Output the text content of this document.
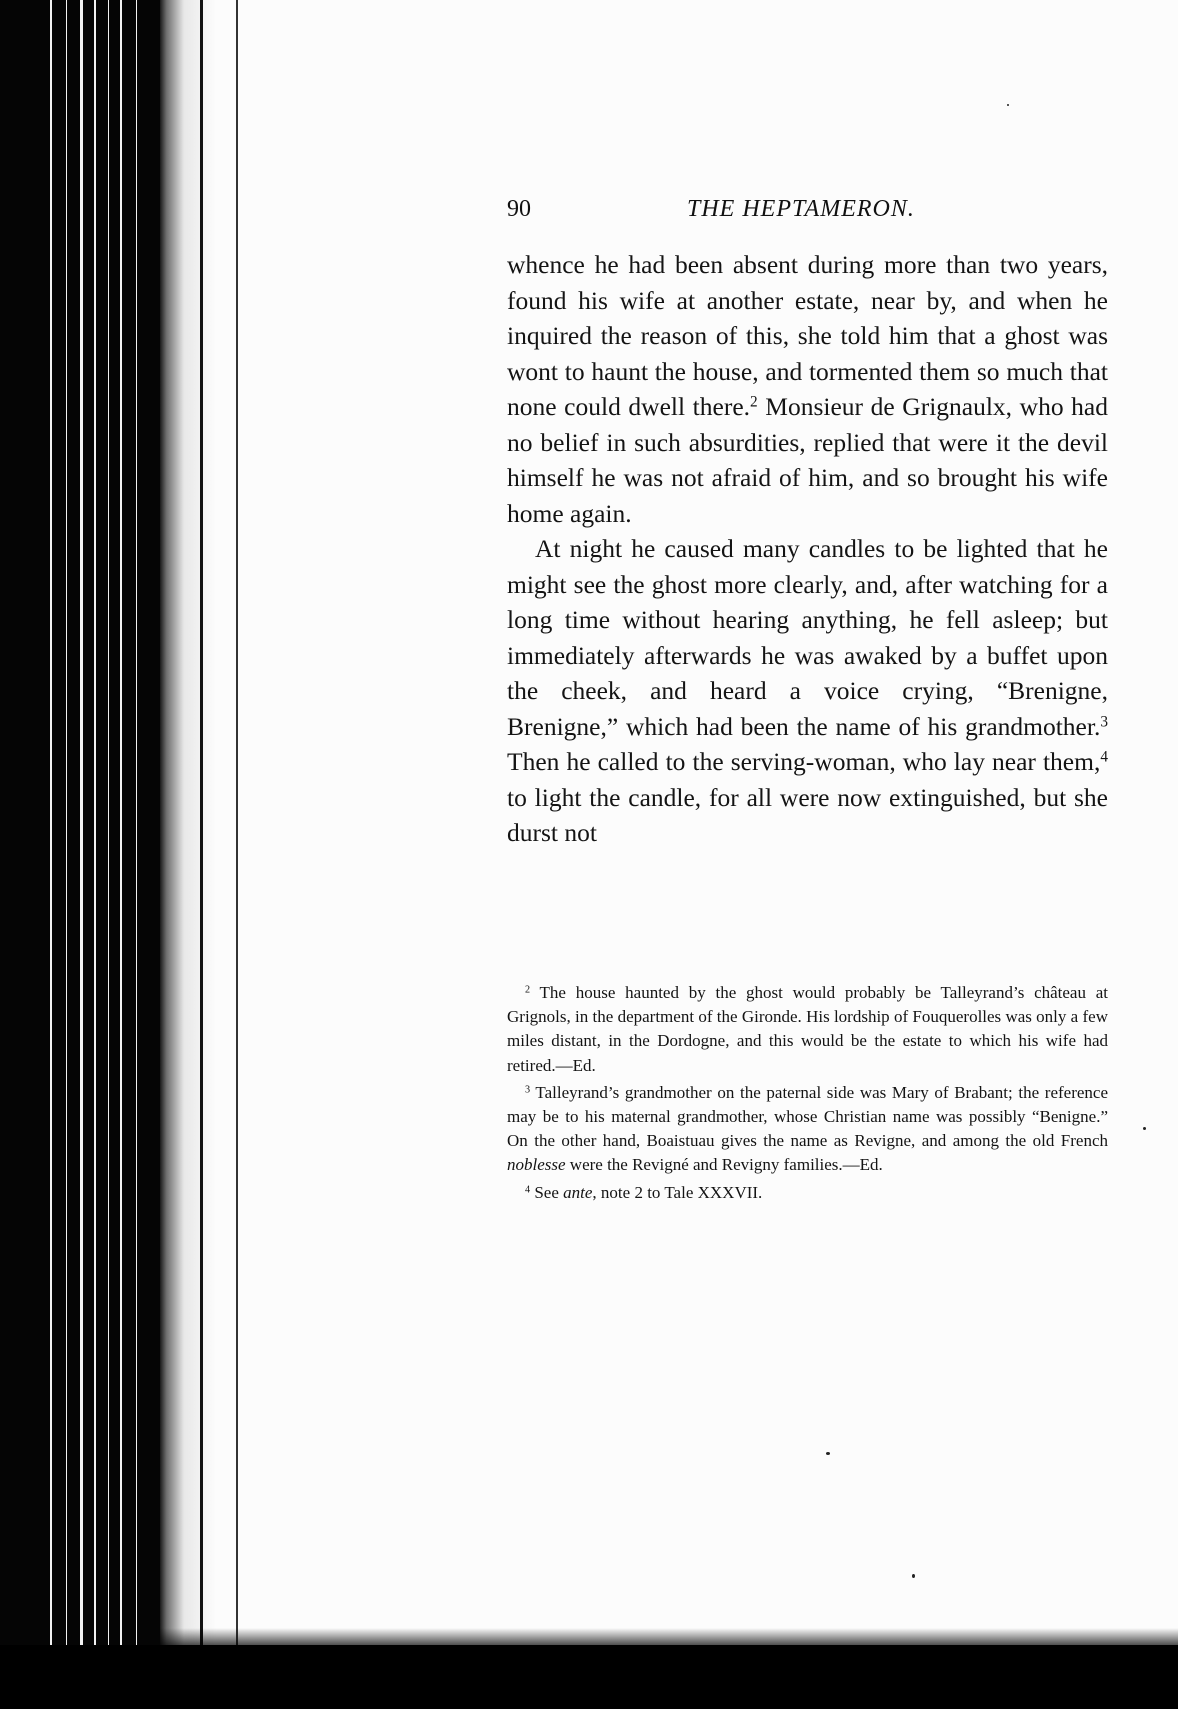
90	THE HEPTAMERON.

whence he had been absent during more than two years, found his wife at another estate, near by, and when he inquired the reason of this, she told him that a ghost was wont to haunt the house, and tormented them so much that none could dwell there.$^2$ Monsieur de Grignaulx, who had no belief in such absurdities, replied that were it the devil himself he was not afraid of him, and so brought his wife home again.

At night he caused many candles to be lighted that he might see the ghost more clearly, and, after watching for a long time without hearing anything, he fell asleep; but immediately afterwards he was awaked by a buffet upon the cheek, and heard a voice crying, “Brenigne, Brenigne,” which had been the name of his grandmother.$^3$ Then he called to the serving-woman, who lay near them,$^4$ to light the candle, for all were now extinguished, but she durst not

$^2$ The house haunted by the ghost would probably be Talleyrand’s château at Grignols, in the department of the Gironde. His lordship of Fouquerolles was only a few miles distant, in the Dordogne, and this would be the estate to which his wife had retired.—Ed.

$^3$ Talleyrand’s grandmother on the paternal side was Mary of Brabant; the reference may be to his maternal grandmother, whose Christian name was possibly “Benigne.” On the other hand, Boaistuau gives the name as Revigne, and among the old French noblesse were the Revigné and Revigny families.—Ed.

$^4$ See ante, note 2 to Tale XXXVII.
